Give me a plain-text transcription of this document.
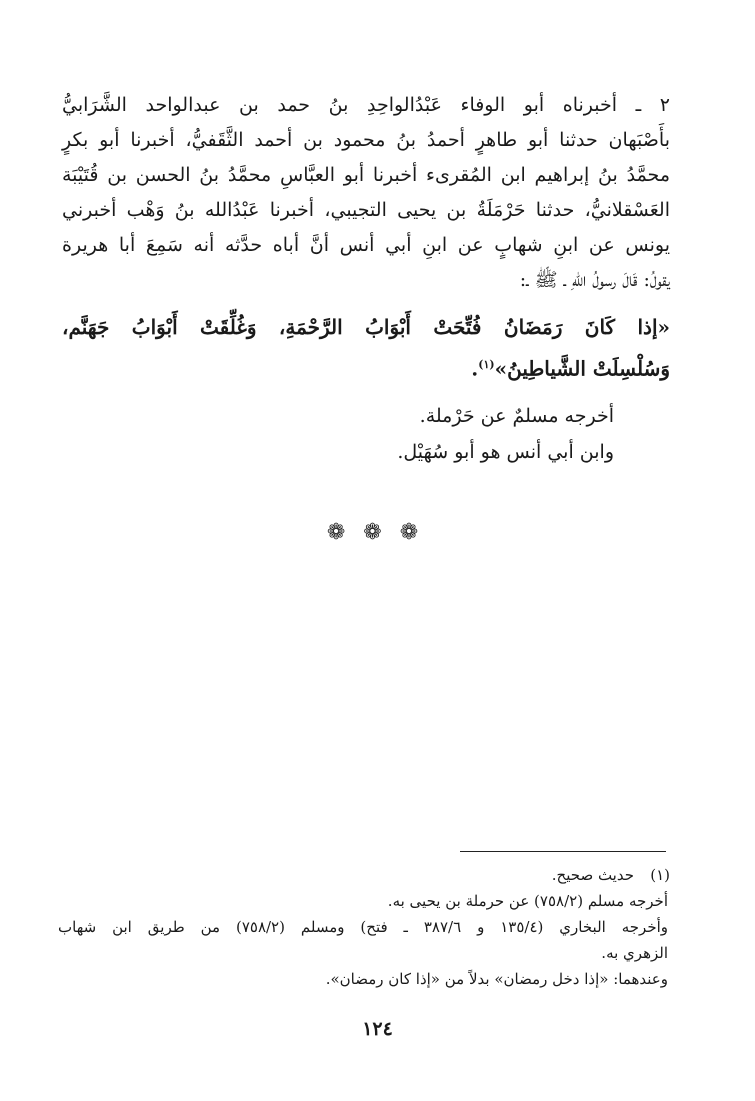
٢ ـ أخبرناه أبو الوفاء عَبْدُالواحِدِ بنُ حمد بن عبدالواحد الشَّرَابيُّ
بأَصْبَهان حدثنا أبو طاهرٍ أحمدُ بنُ محمود بن أحمد الثَّقَفيُّ، أخبرنا أبو بكرٍ
محمَّدُ بنُ إبراهيم ابن المُقرىء أخبرنا أبو العبَّاسِ محمَّدُ بنُ الحسن بن قُتَيْبَة
العَسْقلانيُّ، حدثنا حَرْمَلَةُ بن يحيى التجيبي، أخبرنا عَبْدُالله بنُ وَهْب أخبرني
يونس عن ابنِ شهابٍ عن ابنِ أبي أنس أنَّ أباه حدَّثه أنه سَمِعَ أبا هريرة
يقولُ: قَالَ رسولُ اللهِ ـ ﷺ ـ:
«إذا كَانَ رَمَضَانُ فُتِّحَتْ أَبْوَابُ الرَّحْمَةِ، وَغُلِّقَتْ أَبْوَابُ جَهَنَّم،
وَسُلْسِلَتْ الشَّياطِينُ»$^{(١)}$.
أخرجه مسلمٌ عن حَرْملة.
وابن أبي أنس هو أبو سُهَيْل.
❁ ❁ ❁
(١)حديث صحيح.
أخرجه مسلم (٧٥٨/٢) عن حرملة بن يحيى به.
وأخرجه البخاري (١٣٥/٤ و ٣٨٧/٦ ـ فتح) ومسلم (٧٥٨/٢) من طريق ابن شهاب
الزهري به.
وعندهما: «إذا دخل رمضان» بدلاً من «إذا كان رمضان».
١٢٤
